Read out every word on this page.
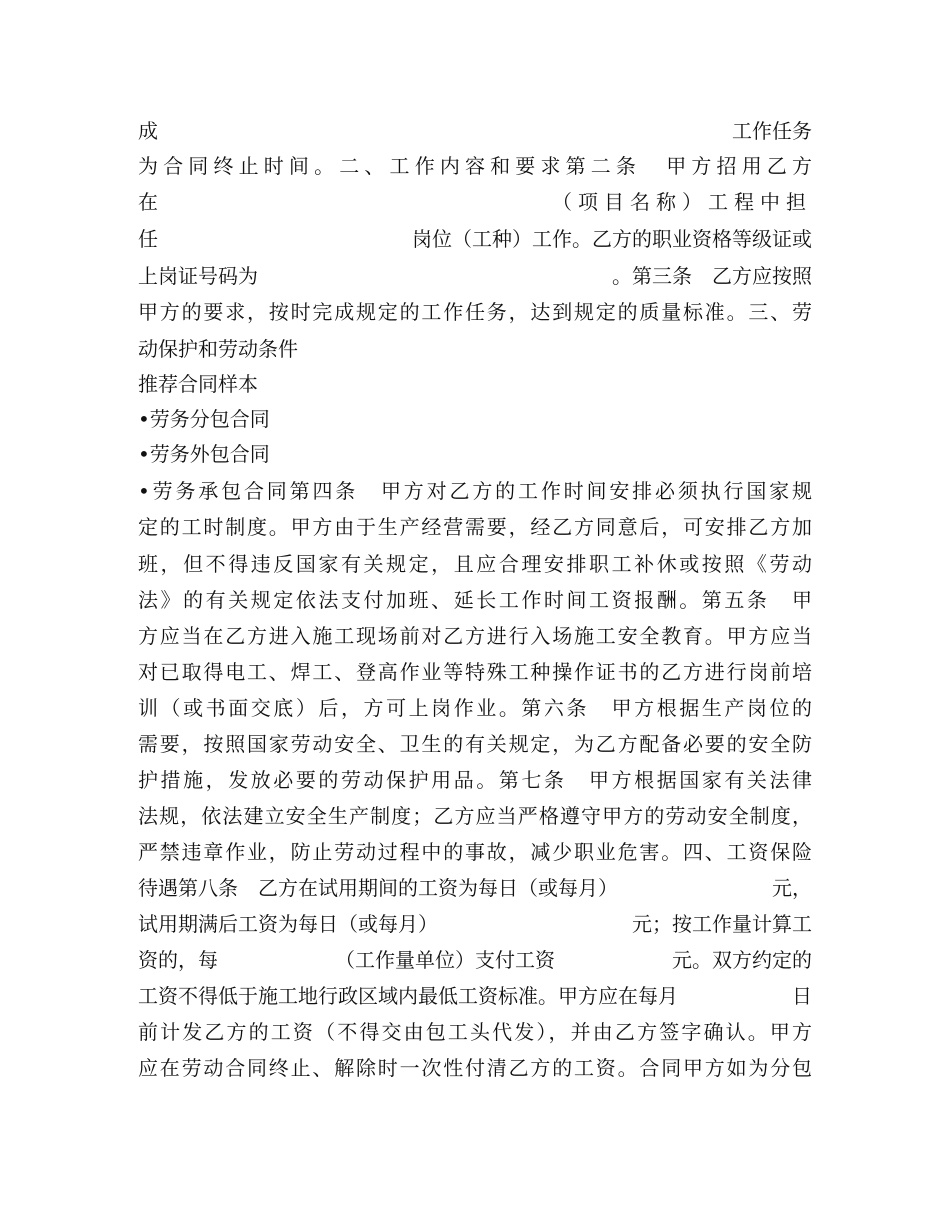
成	工作任务
为合同终止时间。二、工作内容和要求第二条　甲方招用乙方
在	（项目名称）工程中担
任	岗位（工种）工作。乙方的职业资格等级证或
上岗证号码为	。第三条　乙方应按照
甲方的要求，按时完成规定的工作任务，达到规定的质量标准。三、劳
动保护和劳动条件
推荐合同样本
•劳务分包合同
•劳务外包合同
•劳务承包合同第四条　甲方对乙方的工作时间安排必须执行国家规
定的工时制度。甲方由于生产经营需要，经乙方同意后，可安排乙方加
班，但不得违反国家有关规定，且应合理安排职工补休或按照《劳动
法》的有关规定依法支付加班、延长工作时间工资报酬。第五条　甲
方应当在乙方进入施工现场前对乙方进行入场施工安全教育。甲方应当
对已取得电工、焊工、登高作业等特殊工种操作证书的乙方进行岗前培
训（或书面交底）后，方可上岗作业。第六条　甲方根据生产岗位的
需要，按照国家劳动安全、卫生的有关规定，为乙方配备必要的安全防
护措施，发放必要的劳动保护用品。第七条　甲方根据国家有关法律
法规，依法建立安全生产制度；乙方应当严格遵守甲方的劳动安全制度，
严禁违章作业，防止劳动过程中的事故，减少职业危害。四、工资保险
待遇第八条　乙方在试用期间的工资为每日（或每月）	元，
试用期满后工资为每日（或每月）	元；按工作量计算工
资的，每	（工作量单位）支付工资	元。双方约定的
工资不得低于施工地行政区域内最低工资标准。甲方应在每月	日
前计发乙方的工资（不得交由包工头代发），并由乙方签字确认。甲方
应在劳动合同终止、解除时一次性付清乙方的工资。合同甲方如为分包
